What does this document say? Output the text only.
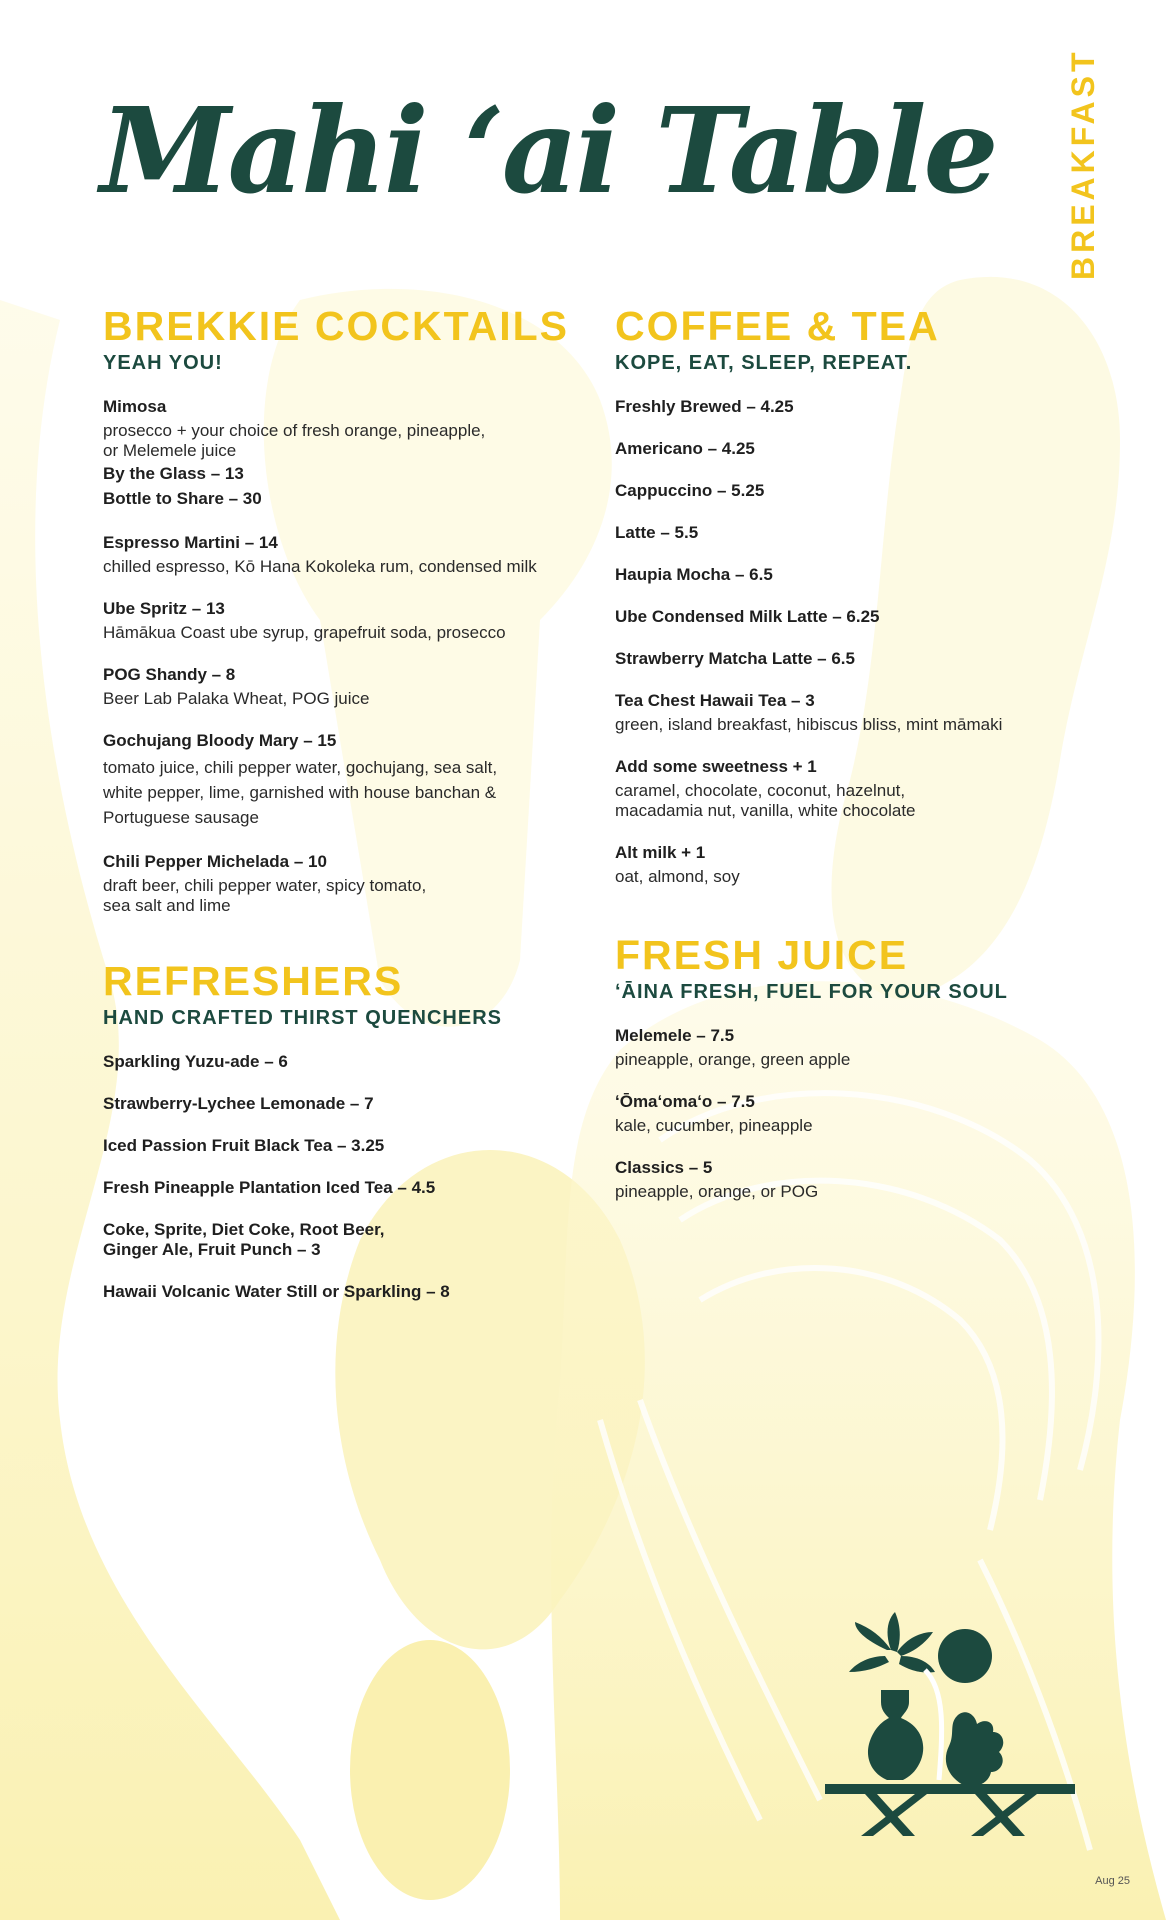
Mahi ʻai Table BREAKFAST
BREKKIE COCKTAILS
YEAH YOU!
Mimosa
prosecco + your choice of fresh orange, pineapple,
or Melemele juice
By the Glass – 13
Bottle to Share – 30
Espresso Martini – 14
chilled espresso, Kō Hana Kokoleka rum, condensed milk
Ube Spritz – 13
Hāmākua Coast ube syrup, grapefruit soda, prosecco
POG Shandy – 8
Beer Lab Palaka Wheat, POG juice
Gochujang Bloody Mary – 15
tomato juice, chili pepper water, gochujang, sea salt,
white pepper, lime, garnished with house banchan &
Portuguese sausage
Chili Pepper Michelada – 10
draft beer, chili pepper water, spicy tomato,
sea salt and lime
REFRESHERS
HAND CRAFTED THIRST QUENCHERS
Sparkling Yuzu-ade – 6
Strawberry-Lychee Lemonade – 7
Iced Passion Fruit Black Tea – 3.25
Fresh Pineapple Plantation Iced Tea – 4.5
Coke, Sprite, Diet Coke, Root Beer,
Ginger Ale, Fruit Punch – 3
Hawaii Volcanic Water Still or Sparkling – 8
COFFEE & TEA
KOPE, EAT, SLEEP, REPEAT.
Freshly Brewed – 4.25
Americano – 4.25
Cappuccino – 5.25
Latte – 5.5
Haupia Mocha – 6.5
Ube Condensed Milk Latte – 6.25
Strawberry Matcha Latte – 6.5
Tea Chest Hawaii Tea – 3
green, island breakfast, hibiscus bliss, mint māmaki
Add some sweetness + 1
caramel, chocolate, coconut, hazelnut,
macadamia nut, vanilla, white chocolate
Alt milk + 1
oat, almond, soy
FRESH JUICE
ʻĀINA FRESH, FUEL FOR YOUR SOUL
Melemele – 7.5
pineapple, orange, green apple
ʻŌmaʻomaʻo – 7.5
kale, cucumber, pineapple
Classics – 5
pineapple, orange, or POG
Aug 25
